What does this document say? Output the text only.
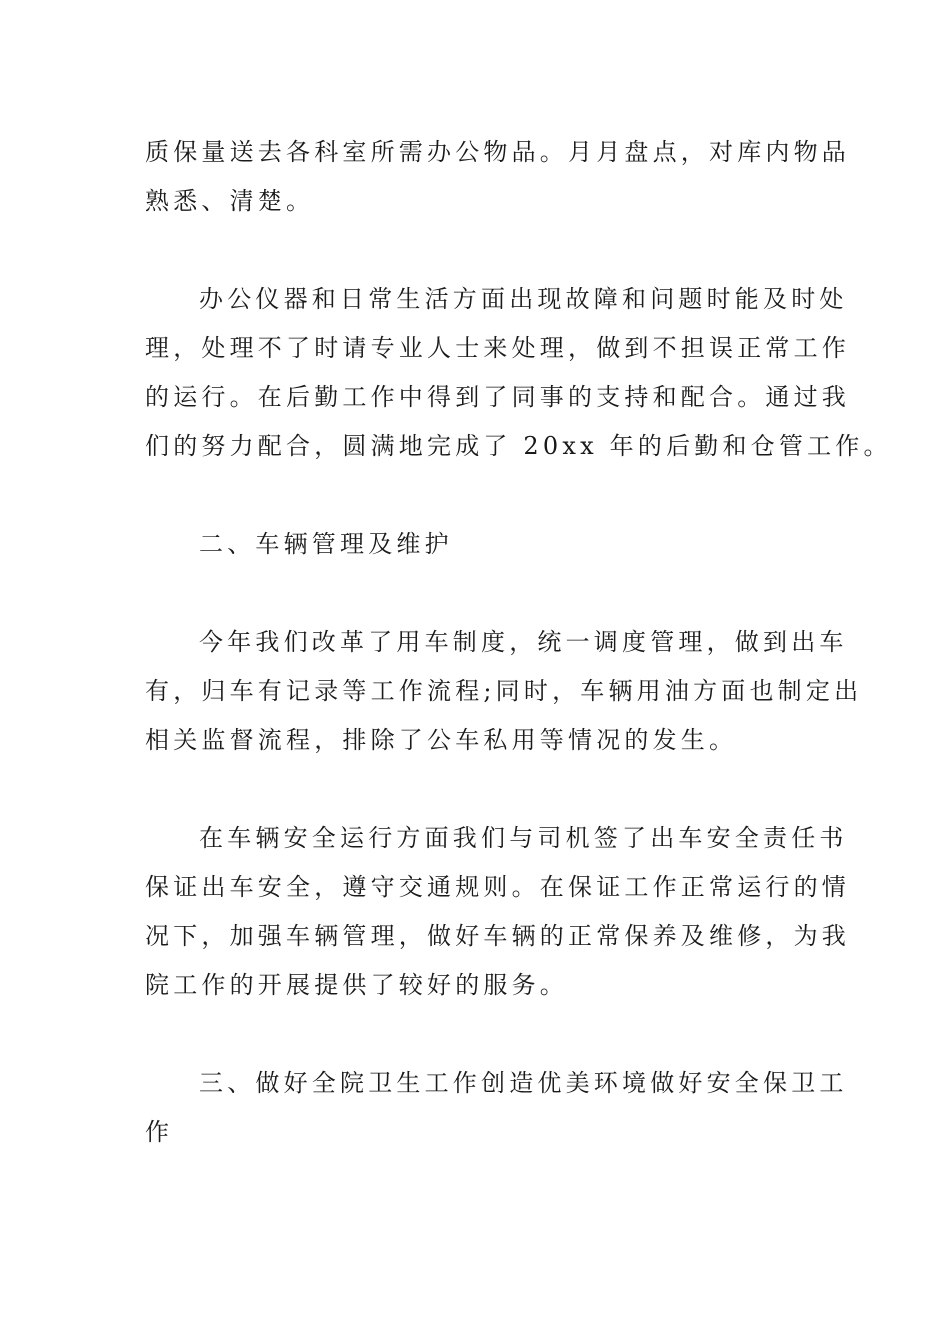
质保量送去各科室所需办公物品。月月盘点，对库内物品
熟悉、清楚。

办公仪器和日常生活方面出现故障和问题时能及时处
理，处理不了时请专业人士来处理，做到不担误正常工作
的运行。在后勤工作中得到了同事的支持和配合。通过我
们的努力配合，圆满地完成了 20xx 年的后勤和仓管工作。

二、车辆管理及维护

今年我们改革了用车制度，统一调度管理，做到出车
有，归车有记录等工作流程;同时，车辆用油方面也制定出
相关监督流程，排除了公车私用等情况的发生。

在车辆安全运行方面我们与司机签了出车安全责任书
保证出车安全，遵守交通规则。在保证工作正常运行的情
况下，加强车辆管理，做好车辆的正常保养及维修，为我
院工作的开展提供了较好的服务。

三、做好全院卫生工作创造优美环境做好安全保卫工
作
